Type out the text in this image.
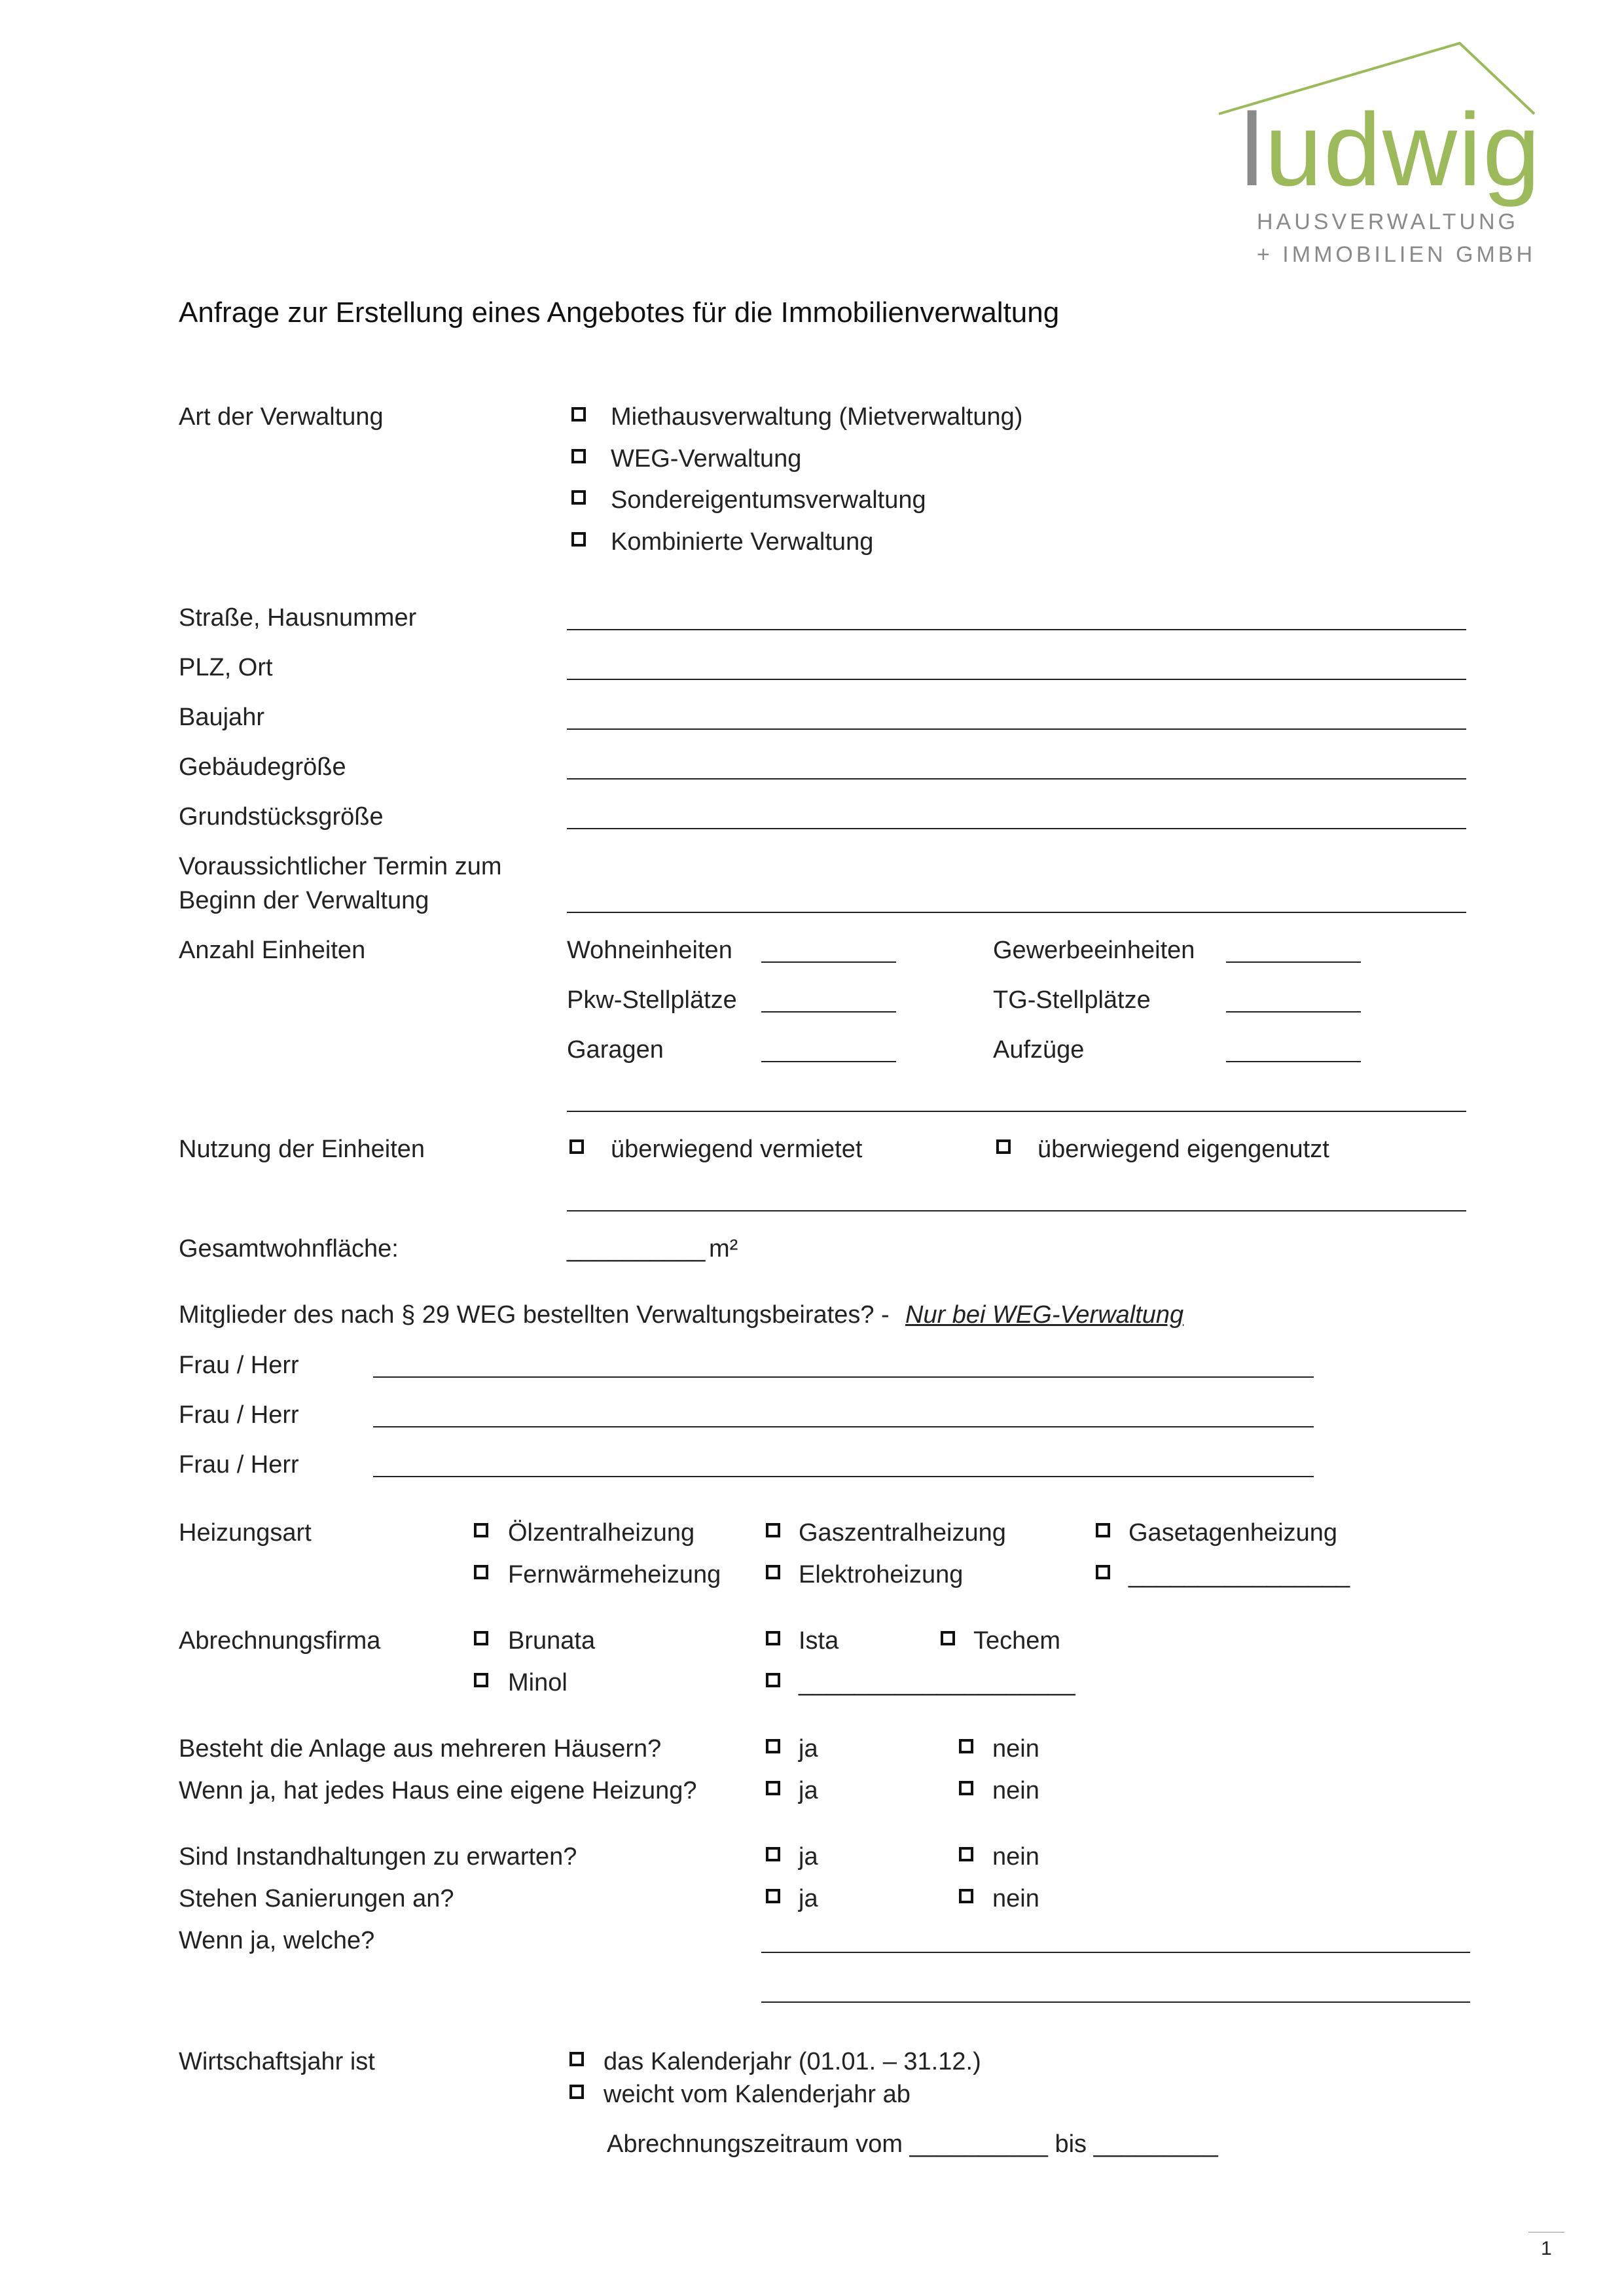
ludwig
HAUSVERWALTUNG
+ IMMOBILIEN GMBH
Anfrage zur Erstellung eines Angebotes für die Immobilienverwaltung
Art der Verwaltung	Miethausverwaltung (Mietverwaltung)
WEG-Verwaltung
Sondereigentumsverwaltung
Kombinierte Verwaltung
Straße, Hausnummer
PLZ, Ort
Baujahr
Gebäudegröße
Grundstücksgröße
Voraussichtlicher Termin zum
Beginn der Verwaltung
Anzahl Einheiten	Wohneinheiten	Gewerbeeinheiten
Pkw-Stellplätze	TG-Stellplätze
Garagen	Aufzüge
Nutzung der Einheiten	überwiegend vermietet	überwiegend eigengenutzt
Gesamtwohnfläche:	__________ m²
Mitglieder des nach § 29 WEG bestellten Verwaltungsbeirates? - Nur bei WEG-Verwaltung
Frau / Herr
Frau / Herr
Frau / Herr
Heizungsart	Ölzentralheizung	Gaszentralheizung	Gasetagenheizung
Fernwärmeheizung	Elektroheizung	________________
Abrechnungsfirma	Brunata	Ista	Techem
Minol	____________________
Besteht die Anlage aus mehreren Häusern?	ja	nein
Wenn ja, hat jedes Haus eine eigene Heizung?	ja	nein
Sind Instandhaltungen zu erwarten?	ja	nein
Stehen Sanierungen an?	ja	nein
Wenn ja, welche?
Wirtschaftsjahr ist	das Kalenderjahr (01.01. – 31.12.)
weicht vom Kalenderjahr ab
Abrechnungszeitraum vom __________ bis _________
1
